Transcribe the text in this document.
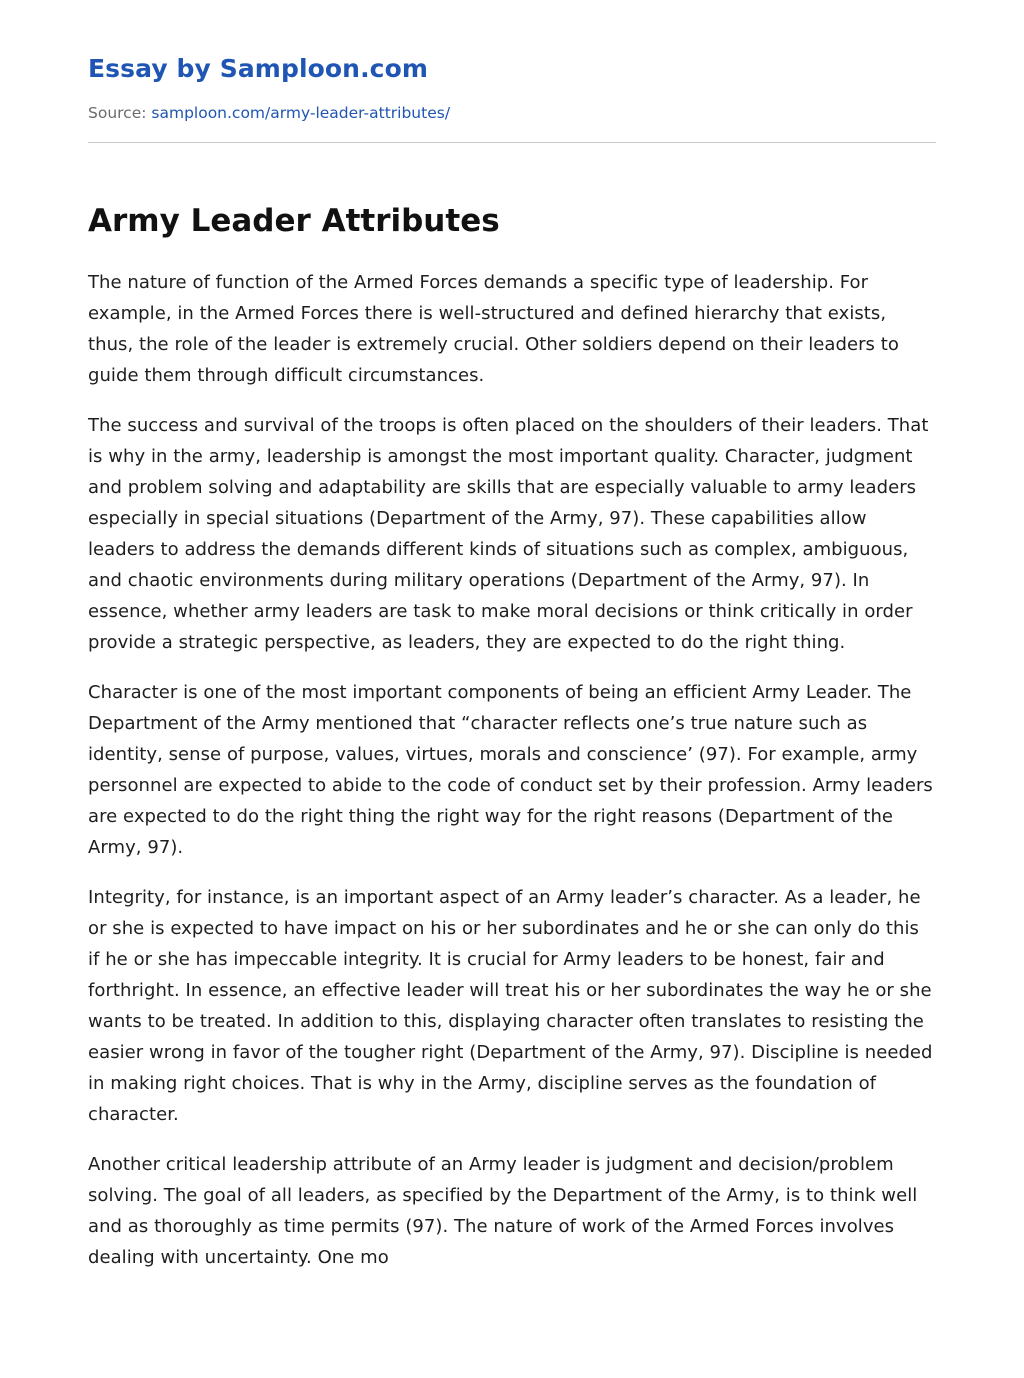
Essay by Samploon.com
Source: samploon.com/army-leader-attributes/
Army Leader Attributes

The nature of function of the Armed Forces demands a specific type of leadership. For example, in the Armed Forces there is well-structured and defined hierarchy that exists, thus, the role of the leader is extremely crucial. Other soldiers depend on their leaders to guide them through difficult circumstances.

The success and survival of the troops is often placed on the shoulders of their leaders. That is why in the army, leadership is amongst the most important quality. Character, judgment and problem solving and adaptability are skills that are especially valuable to army leaders especially in special situations (Department of the Army, 97). These capabilities allow leaders to address the demands different kinds of situations such as complex, ambiguous, and chaotic environments during military operations (Department of the Army, 97). In essence, whether army leaders are task to make moral decisions or think critically in order provide a strategic perspective, as leaders, they are expected to do the right thing.

Character is one of the most important components of being an efficient Army Leader. The Department of the Army mentioned that “character reflects one’s true nature such as identity, sense of purpose, values, virtues, morals and conscience’ (97). For example, army personnel are expected to abide to the code of conduct set by their profession. Army leaders are expected to do the right thing the right way for the right reasons (Department of the Army, 97).

Integrity, for instance, is an important aspect of an Army leader’s character. As a leader, he or she is expected to have impact on his or her subordinates and he or she can only do this if he or she has impeccable integrity. It is crucial for Army leaders to be honest, fair and forthright. In essence, an effective leader will treat his or her subordinates the way he or she wants to be treated. In addition to this, displaying character often translates to resisting the easier wrong in favor of the tougher right (Department of the Army, 97). Discipline is needed in making right choices. That is why in the Army, discipline serves as the foundation of character.

Another critical leadership attribute of an Army leader is judgment and decision/problem solving. The goal of all leaders, as specified by the Department of the Army, is to think well and as thoroughly as time permits (97). The nature of work of the Armed Forces involves dealing with uncertainty. One mo
